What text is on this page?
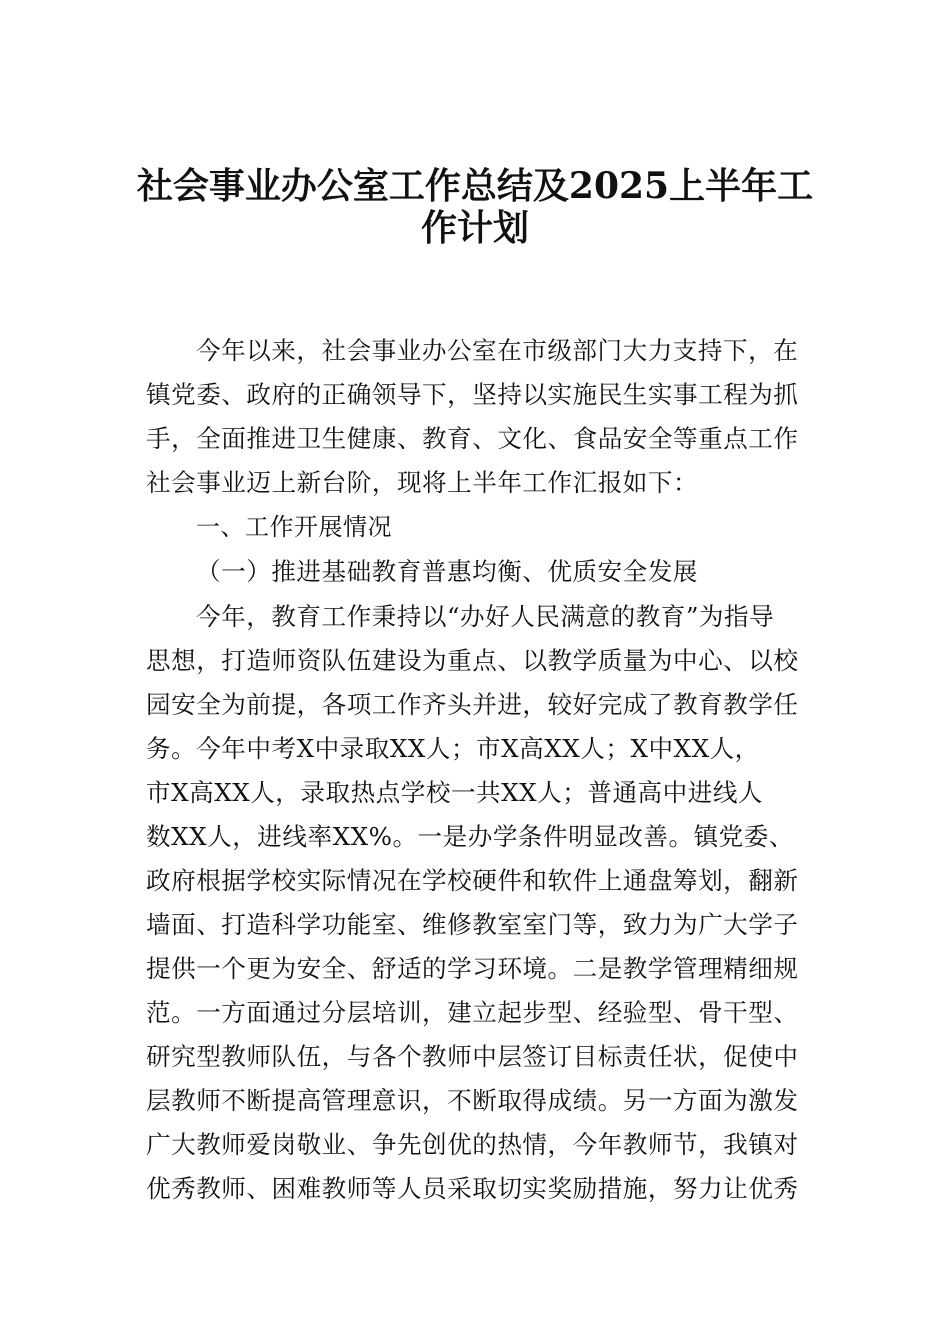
社会事业办公室工作总结及2025上半年工
作计划
今年以来，社会事业办公室在市级部门大力支持下，在
镇党委、政府的正确领导下，坚持以实施民生实事工程为抓
手，全面推进卫生健康、教育、文化、食品安全等重点工作
社会事业迈上新台阶，现将上半年工作汇报如下：
一、工作开展情况
（一）推进基础教育普惠均衡、优质安全发展
今年，教育工作秉持以“办好人民满意的教育”为指导
思想，打造师资队伍建设为重点、以教学质量为中心、以校
园安全为前提，各项工作齐头并进，较好完成了教育教学任
务。今年中考X中录取XX人；市X高XX人；X中XX人，
市X高XX人，录取热点学校一共XX人；普通高中进线人
数XX人，进线率XX%。一是办学条件明显改善。镇党委、
政府根据学校实际情况在学校硬件和软件上通盘筹划，翻新
墙面、打造科学功能室、维修教室室门等，致力为广大学子
提供一个更为安全、舒适的学习环境。二是教学管理精细规
范。一方面通过分层培训，建立起步型、经验型、骨干型、
研究型教师队伍，与各个教师中层签订目标责任状，促使中
层教师不断提高管理意识，不断取得成绩。另一方面为激发
广大教师爱岗敬业、争先创优的热情，今年教师节，我镇对
优秀教师、困难教师等人员采取切实奖励措施，努力让优秀
